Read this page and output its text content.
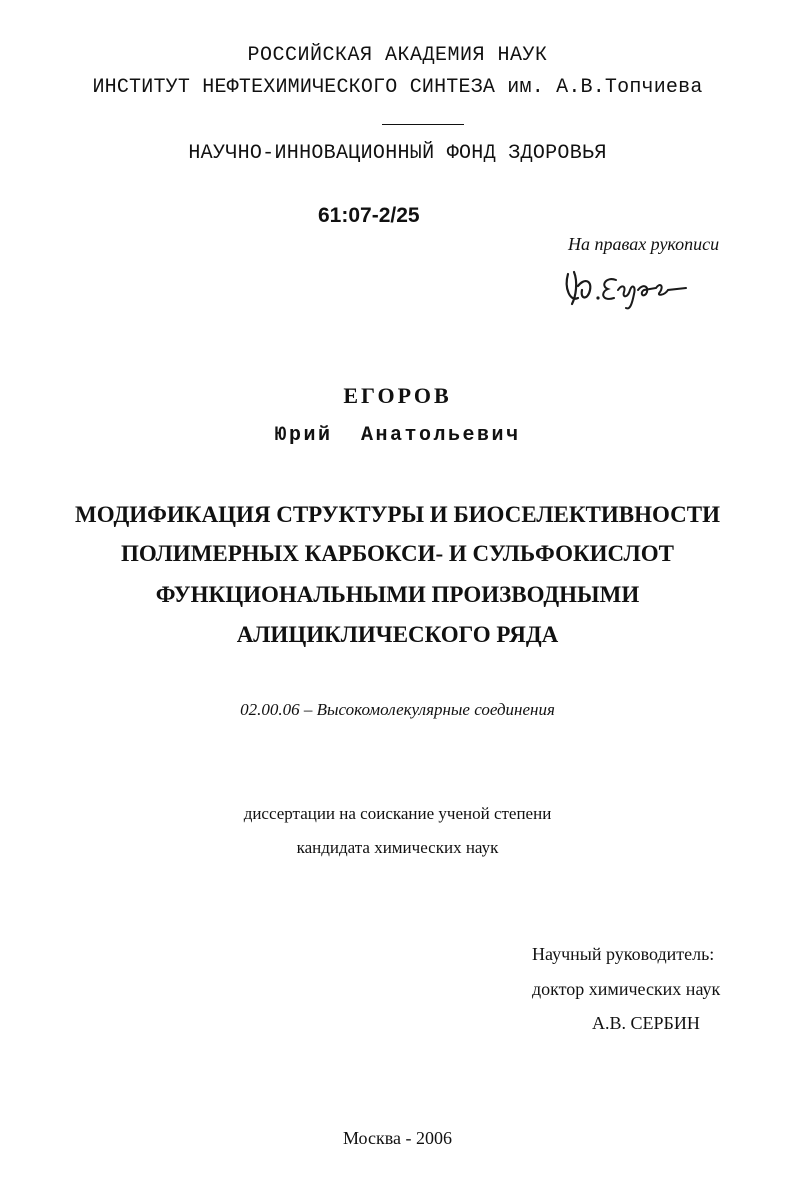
РОССИЙСКАЯ АКАДЕМИЯ НАУК
ИНСТИТУТ НЕФТЕХИМИЧЕСКОГО СИНТЕЗА им. А.В.Топчиева
НАУЧНО-ИННОВАЦИОННЫЙ ФОНД ЗДОРОВЬЯ
61:07-2/25
На правах рукописи
ЕГОРОВ
Юрий Анатольевич
МОДИФИКАЦИЯ СТРУКТУРЫ И БИОСЕЛЕКТИВНОСТИ
ПОЛИМЕРНЫХ КАРБОКСИ- И СУЛЬФОКИСЛОТ
ФУНКЦИОНАЛЬНЫМИ ПРОИЗВОДНЫМИ
АЛИЦИКЛИЧЕСКОГО РЯДА
02.00.06 – Высокомолекулярные соединения
диссертации на соискание ученой степени
кандидата химических наук
Научный руководитель:
доктор химических наук
А.В. СЕРБИН
Москва - 2006
